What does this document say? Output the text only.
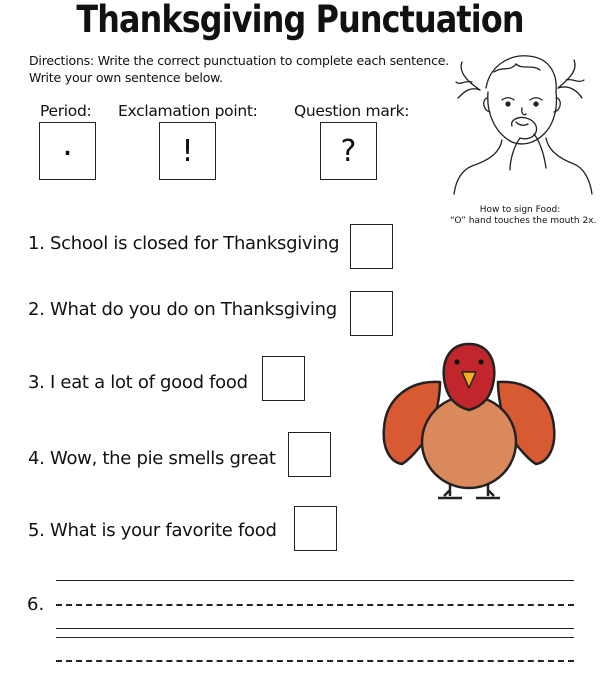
Thanksgiving Punctuation
Directions: Write the correct punctuation to complete each sentence.
Write your own sentence below.
Period: Exclamation point: Question mark:
.	!	?
How to sign Food:
“O” hand touches the mouth 2x.
1. School is closed for Thanksgiving
2. What do you do on Thanksgiving
3. I eat a lot of good food
4. Wow, the pie smells great
5. What is your favorite food
6.
